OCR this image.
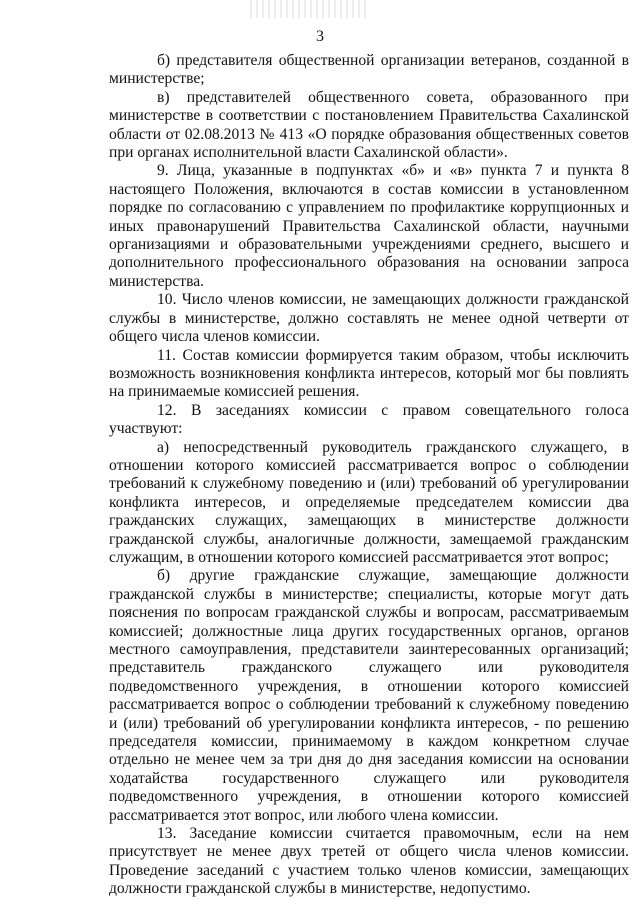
3

б) представителя общественной организации ветеранов, созданной в министерстве;

в) представителей общественного совета, образованного при министерстве в соответствии с постановлением Правительства Сахалинской области от 02.08.2013 № 413 «О порядке образования общественных советов при органах исполнительной власти Сахалинской области».

9. Лица, указанные в подпунктах «б» и «в» пункта 7 и пункта 8 настоящего Положения, включаются в состав комиссии в установленном порядке по согласованию с управлением по профилактике коррупционных и иных правонарушений Правительства Сахалинской области, научными организациями и образовательными учреждениями среднего, высшего и дополнительного профессионального образования на основании запроса министерства.

10. Число членов комиссии, не замещающих должности гражданской службы в министерстве, должно составлять не менее одной четверти от общего числа членов комиссии.

11. Состав комиссии формируется таким образом, чтобы исключить возможность возникновения конфликта интересов, который мог бы повлиять на принимаемые комиссией решения.

12. В заседаниях комиссии с правом совещательного голоса участвуют:

а) непосредственный руководитель гражданского служащего, в отношении которого комиссией рассматривается вопрос о соблюдении требований к служебному поведению и (или) требований об урегулировании конфликта интересов, и определяемые председателем комиссии два гражданских служащих, замещающих в министерстве должности гражданской службы, аналогичные должности, замещаемой гражданским служащим, в отношении которого комиссией рассматривается этот вопрос;

б) другие гражданские служащие, замещающие должности гражданской службы в министерстве; специалисты, которые могут дать пояснения по вопросам гражданской службы и вопросам, рассматриваемым комиссией; должностные лица других государственных органов, органов местного самоуправления, представители заинтересованных организаций; представитель гражданского служащего или руководителя подведомственного учреждения, в отношении которого комиссией рассматривается вопрос о соблюдении требований к служебному поведению и (или) требований об урегулировании конфликта интересов, - по решению председателя комиссии, принимаемому в каждом конкретном случае отдельно не менее чем за три дня до дня заседания комиссии на основании ходатайства государственного служащего или руководителя подведомственного учреждения, в отношении которого комиссией рассматривается этот вопрос, или любого члена комиссии.

13. Заседание комиссии считается правомочным, если на нем присутствует не менее двух третей от общего числа членов комиссии. Проведение заседаний с участием только членов комиссии, замещающих должности гражданской службы в министерстве, недопустимо.
